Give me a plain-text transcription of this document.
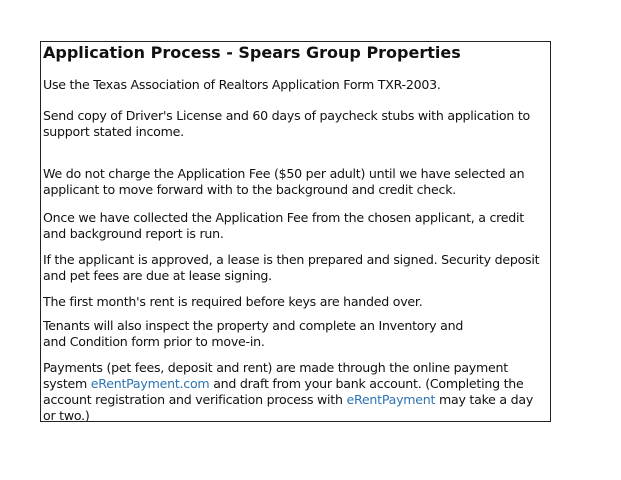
Application Process - Spears Group Properties
Use the Texas Association of Realtors Application Form TXR-2003.
Send copy of Driver's License and 60 days of paycheck stubs with application to
support stated income.
We do not charge the Application Fee ($50 per adult) until we have selected an
applicant to move forward with to the background and credit check.
Once we have collected the Application Fee from the chosen applicant, a credit
and background report is run.
If the applicant is approved, a lease is then prepared and signed. Security deposit
and pet fees are due at lease signing.
The first month's rent is required before keys are handed over.
Tenants will also inspect the property and complete an Inventory and
and Condition form prior to move-in.
Payments (pet fees, deposit and rent) are made through the online payment
system eRentPayment.com and draft from your bank account. (Completing the
account registration and verification process with eRentPayment may take a day
or two.)
